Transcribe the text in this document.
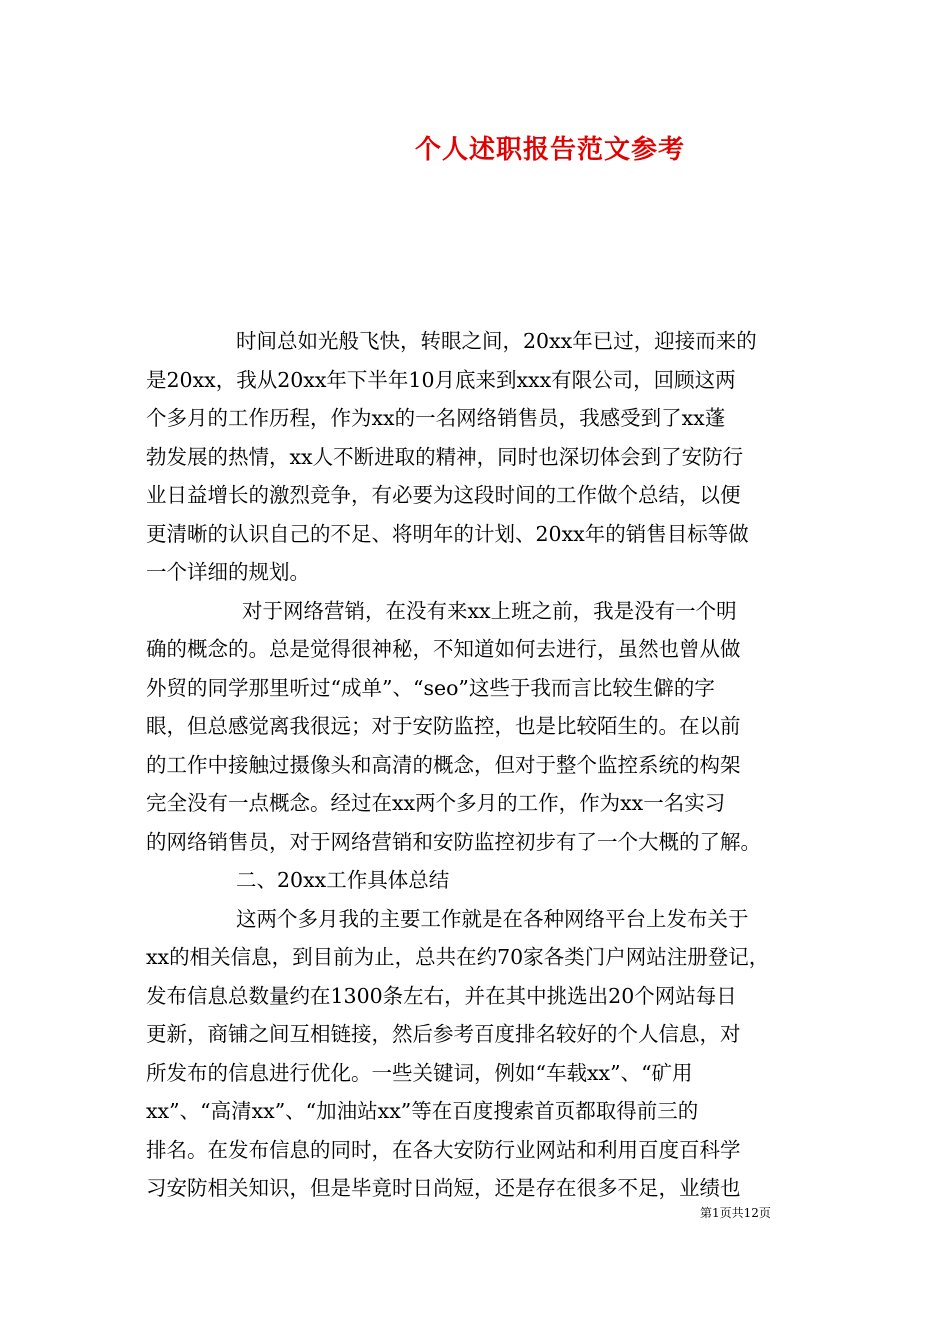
个人述职报告范文参考
时间总如光般飞快，转眼之间，20xx年已过，迎接而来的
是20xx，我从20xx年下半年10月底来到xxx有限公司，回顾这两
个多月的工作历程，作为xx的一名网络销售员，我感受到了xx蓬
勃发展的热情，xx人不断进取的精神，同时也深切体会到了安防行
业日益增长的激烈竞争，有必要为这段时间的工作做个总结，以便
更清晰的认识自己的不足、将明年的计划、20xx年的销售目标等做
一个详细的规划。
对于网络营销，在没有来xx上班之前，我是没有一个明
确的概念的。总是觉得很神秘，不知道如何去进行，虽然也曾从做
外贸的同学那里听过“成单”、“seo”这些于我而言比较生僻的字
眼，但总感觉离我很远；对于安防监控，也是比较陌生的。在以前
的工作中接触过摄像头和高清的概念，但对于整个监控系统的构架
完全没有一点概念。经过在xx两个多月的工作，作为xx一名实习
的网络销售员，对于网络营销和安防监控初步有了一个大概的了解。
二、20xx工作具体总结
这两个多月我的主要工作就是在各种网络平台上发布关于
xx的相关信息，到目前为止，总共在约70家各类门户网站注册登记，
发布信息总数量约在1300条左右，并在其中挑选出20个网站每日
更新，商铺之间互相链接，然后参考百度排名较好的个人信息，对
所发布的信息进行优化。一些关键词，例如“车载xx”、“矿用
xx”、“高清xx”、“加油站xx”等在百度搜索首页都取得前三的
排名。在发布信息的同时，在各大安防行业网站和利用百度百科学
习安防相关知识，但是毕竟时日尚短，还是存在很多不足，业绩也
第1页共12页
